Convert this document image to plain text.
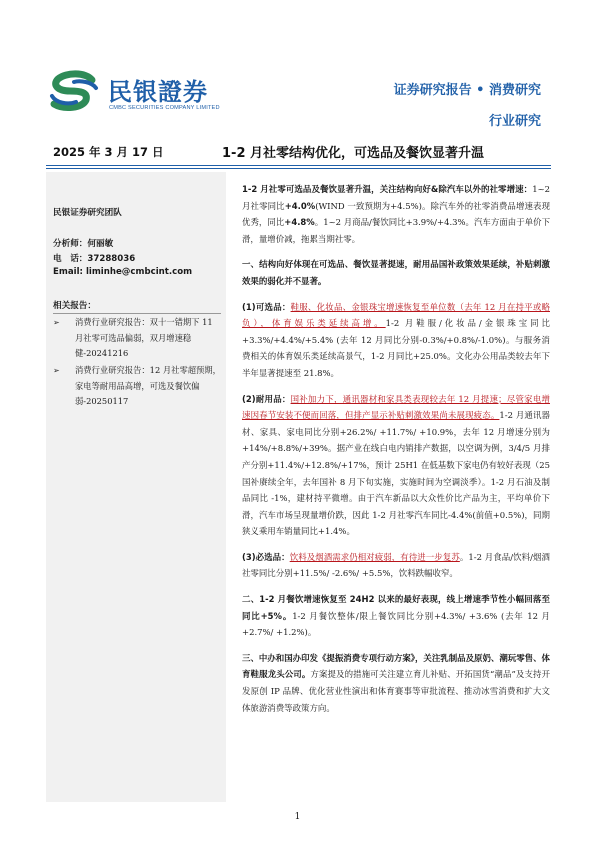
民银證券
CMBC SECURITIES COMPANY LIMITED
证券研究报告 • 消费研究
行业研究
2025 年 3 月 17 日	1-2 月社零结构优化，可选品及餐饮显著升温
民银证券研究团队
分析师：何丽敏
电　话：37288036
Email: liminhe@cmbcint.com
相关报告：
➢ 消费行业研究报告：双十一错期下 11 月社零可选品偏弱，双月增速稳健-20241216
➢ 消费行业研究报告：12 月社零超预期，家电等耐用品高增，可选及餐饮偏弱-20250117

1-2 月社零可选品及餐饮显著升温，关注结构向好&除汽车以外的社零增速：1~2 月社零同比+4.0%(WIND 一致预期为+4.5%)。除汽车外的社零消费品增速表现优秀，同比+4.8%。1~2 月商品/餐饮同比+3.9%/+4.3%。汽车方面由于单价下滑，量增价减，拖累当期社零。

一、结构向好体现在可选品、餐饮显著提速，耐用品国补政策效果延续，补贴刺激效果的弱化并不显著。

(1)可选品：鞋服、化妆品、金银珠宝增速恢复至单位数（去年 12 月在持平或略负），体育娱乐类延续高增。1-2 月鞋服/化妆品/金银珠宝同比+3.3%/+4.4%/+5.4% (去年 12 月同比分别-0.3%/+0.8%/-1.0%)。与服务消费相关的体育娱乐类延续高景气，1-2 月同比+25.0%。文化办公用品类较去年下半年显著提速至 21.8%。

(2)耐用品：国补加力下，通讯器材和家具类表现较去年 12 月提速；尽管家电增速因春节安装不便而回落，但排产显示补贴刺激效果尚未展现疲态。1-2 月通讯器材、家具、家电同比分别+26.2%/ +11.7%/ +10.9%，去年 12 月增速分别为+14%/+8.8%/+39%。据产业在线白电内销排产数据，以空调为例，3/4/5 月排产分别+11.4%/+12.8%/+17%，预计 25H1 在低基数下家电仍有较好表现（25 国补赓续全年，去年国补 8 月下旬实施，实施时间为空调淡季）。1-2 月石油及制品同比 -1%，建材持平微增。由于汽车新品以大众性价比产品为主，平均单价下滑，汽车市场呈现量增价跌，因此 1-2 月社零汽车同比-4.4%(前值+0.5%)，同期狭义乘用车销量同比+1.4%。

(3)必选品：饮料及烟酒需求仍相对疲弱，有待进一步复苏。1-2 月食品/饮料/烟酒社零同比分别+11.5%/ -2.6%/ +5.5%，饮料跌幅收窄。

二、1-2 月餐饮增速恢复至 24H2 以来的最好表现，线上增速季节性小幅回落至同比+5%。1-2 月餐饮整体/限上餐饮同比分别+4.3%/ +3.6% (去年 12 月+2.7%/ +1.2%)。

三、中办和国办印发《提振消费专项行动方案》，关注乳制品及原奶、潮玩零售、体育鞋服龙头公司。方案提及的措施可关注建立育儿补贴、开拓国货“潮品”及支持开发原创 IP 品牌、优化营业性演出和体育赛事等审批流程、推动冰雪消费和扩大文体旅游消费等政策方向。

1
